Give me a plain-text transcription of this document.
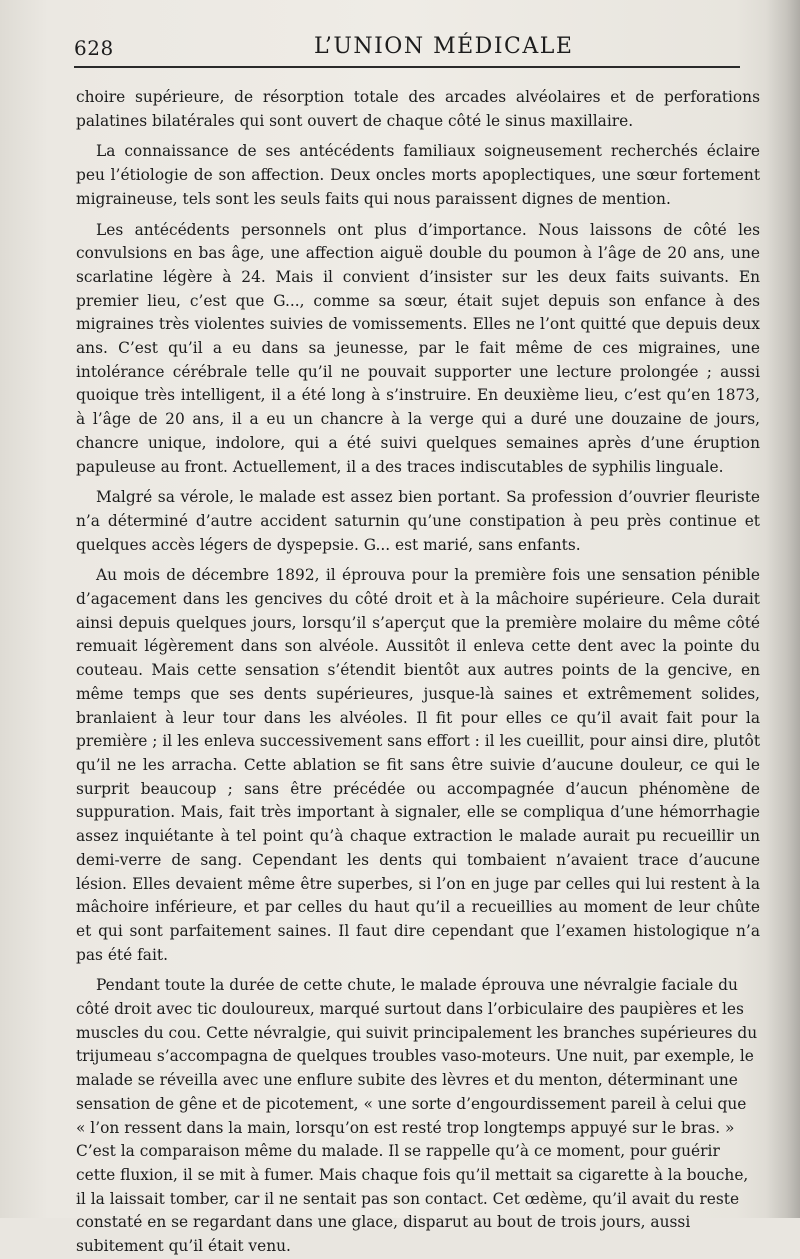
628	L’UNION MÉDICALE

choire supérieure, de résorption totale des arcades alvéolaires et de perforations palatines bilatérales qui sont ouvert de chaque côté le sinus maxillaire.

La connaissance de ses antécédents familiaux soigneusement recherchés éclaire peu l’étiologie de son affection. Deux oncles morts apoplectiques, une sœur fortement migraineuse, tels sont les seuls faits qui nous paraissent dignes de mention.

Les antécédents personnels ont plus d’importance. Nous laissons de côté les convulsions en bas âge, une affection aiguë double du poumon à l’âge de 20 ans, une scarlatine légère à 24. Mais il convient d’insister sur les deux faits suivants. En premier lieu, c’est que G..., comme sa sœur, était sujet depuis son enfance à des migraines très violentes suivies de vomissements. Elles ne l’ont quitté que depuis deux ans. C’est qu’il a eu dans sa jeunesse, par le fait même de ces migraines, une intolérance cérébrale telle qu’il ne pouvait supporter une lecture prolongée ; aussi quoique très intelligent, il a été long à s’instruire. En deuxième lieu, c’est qu’en 1873, à l’âge de 20 ans, il a eu un chancre à la verge qui a duré une douzaine de jours, chancre unique, indolore, qui a été suivi quelques semaines après d’une éruption papuleuse au front. Actuellement, il a des traces indiscutables de syphilis linguale.

Malgré sa vérole, le malade est assez bien portant. Sa profession d’ouvrier fleuriste n’a déterminé d’autre accident saturnin qu’une constipation à peu près continue et quelques accès légers de dyspepsie. G... est marié, sans enfants.

Au mois de décembre 1892, il éprouva pour la première fois une sensation pénible d’agacement dans les gencives du côté droit et à la mâchoire supérieure. Cela durait ainsi depuis quelques jours, lorsqu’il s’aperçut que la première molaire du même côté remuait légèrement dans son alvéole. Aussitôt il enleva cette dent avec la pointe du couteau. Mais cette sensation s’étendit bientôt aux autres points de la gencive, en même temps que ses dents supérieures, jusque-là saines et extrêmement solides, branlaient à leur tour dans les alvéoles. Il fit pour elles ce qu’il avait fait pour la première ; il les enleva successivement sans effort : il les cueillit, pour ainsi dire, plutôt qu’il ne les arracha. Cette ablation se fit sans être suivie d’aucune douleur, ce qui le surprit beaucoup ; sans être précédée ou accompagnée d’aucun phénomène de suppuration. Mais, fait très important à signaler, elle se compliqua d’une hémorrhagie assez inquiétante à tel point qu’à chaque extraction le malade aurait pu recueillir un demi-verre de sang. Cependant les dents qui tombaient n’avaient trace d’aucune lésion. Elles devaient même être superbes, si l’on en juge par celles qui lui restent à la mâchoire inférieure, et par celles du haut qu’il a recueillies au moment de leur chûte et qui sont parfaitement saines. Il faut dire cependant que l’examen histologique n’a pas été fait.

Pendant toute la durée de cette chute, le malade éprouva une névralgie faciale du côté droit avec tic douloureux, marqué surtout dans l’orbiculaire des paupières et les muscles du cou. Cette névralgie, qui suivit principalement les branches supérieures du trijumeau s’accompagna de quelques troubles vaso-moteurs. Une nuit, par exemple, le malade se réveilla avec une enflure subite des lèvres et du menton, déterminant une sensation de gêne et de picotement, « une sorte d’engourdissement pareil à celui que « l’on ressent dans la main, lorsqu’on est resté trop longtemps appuyé sur le bras. » C’est la comparaison même du malade. Il se rappelle qu’à ce moment, pour guérir cette fluxion, il se mit à fumer. Mais chaque fois qu’il mettait sa cigarette à la bouche, il la laissait tomber, car il ne sentait pas son contact. Cet œdème, qu’il avait du reste constaté en se regardant dans une glace, disparut au bout de trois jours, aussi subitement qu’il était venu.
